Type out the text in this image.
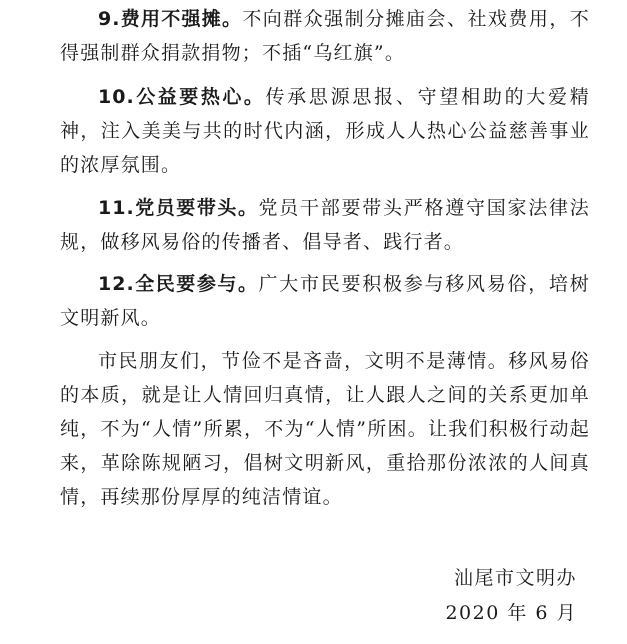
9.费用不强摊。不向群众强制分摊庙会、社戏费用，不得强制群众捐款捐物；不插“乌红旗”。

10.公益要热心。传承思源思报、守望相助的大爱精神，注入美美与共的时代内涵，形成人人热心公益慈善事业的浓厚氛围。

11.党员要带头。党员干部要带头严格遵守国家法律法规，做移风易俗的传播者、倡导者、践行者。

12.全民要参与。广大市民要积极参与移风易俗，培树文明新风。

市民朋友们，节俭不是吝啬，文明不是薄情。移风易俗的本质，就是让人情回归真情，让人跟人之间的关系更加单纯，不为“人情”所累，不为“人情”所困。让我们积极行动起来，革除陈规陋习，倡树文明新风，重拾那份浓浓的人间真情，再续那份厚厚的纯洁情谊。

汕尾市文明办

2020 年 6 月
